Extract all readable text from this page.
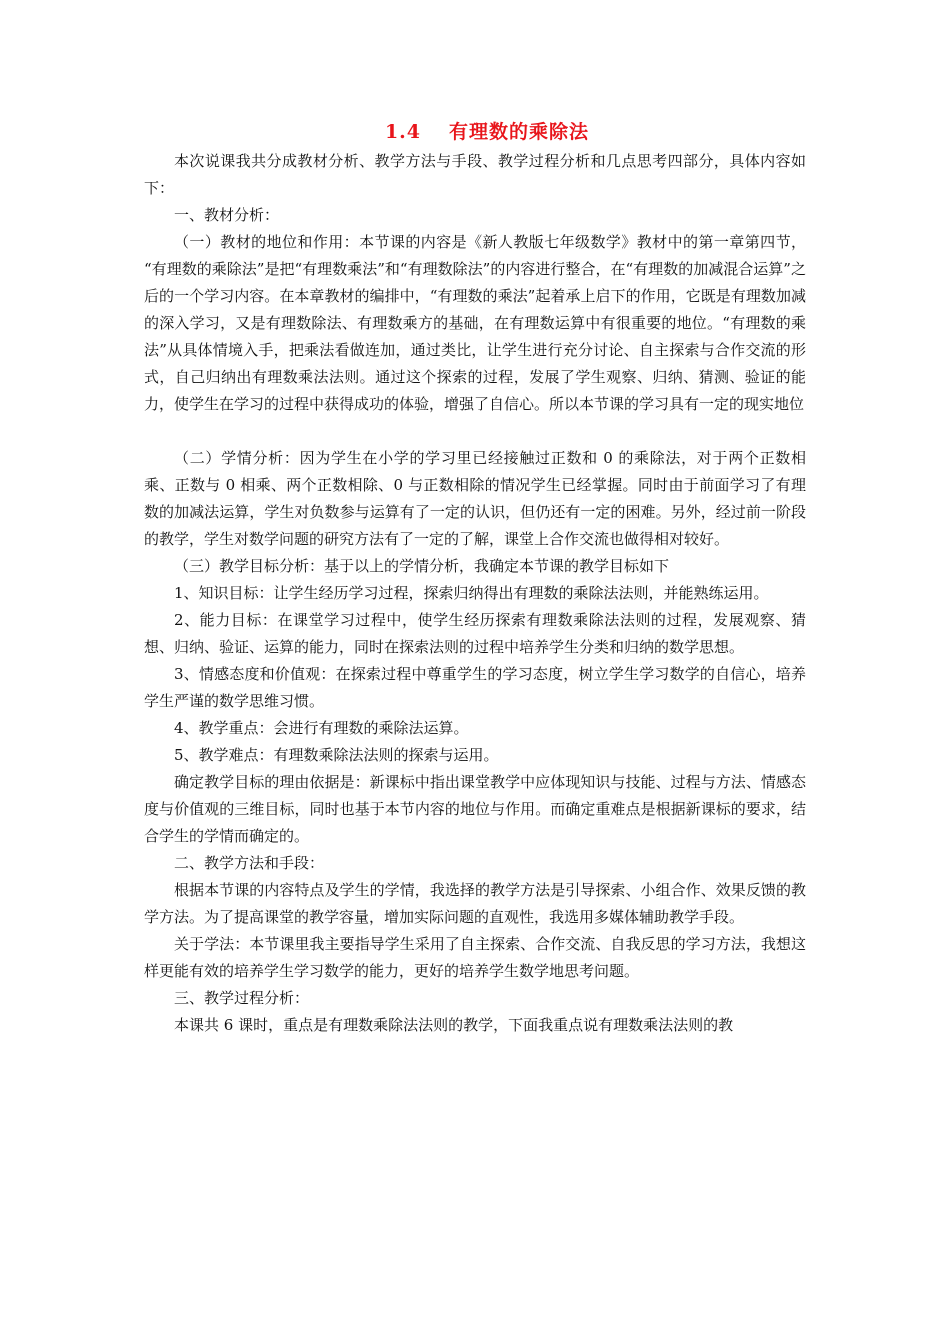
1.4 有理数的乘除法

本次说课我共分成教材分析、教学方法与手段、教学过程分析和几点思考四部分，具体内容如下：

一、教材分析：

（一）教材的地位和作用：本节课的内容是《新人教版七年级数学》教材中的第一章第四节， “有理数的乘除法”是把“有理数乘法”和“有理数除法”的内容进行整合，在“有理数的加减混合运算”之后的一个学习内容。在本章教材的编排中，“有理数的乘法”起着承上启下的作用，它既是有理数加减的深入学习，又是有理数除法、有理数乘方的基础，在有理数运算中有很重要的地位。“有理数的乘法”从具体情境入手，把乘法看做连加，通过类比，让学生进行充分讨论、自主探索与合作交流的形式，自己归纳出有理数乘法法则。通过这个探索的过程，发展了学生观察、归纳、猜测、验证的能力，使学生在学习的过程中获得成功的体验，增强了自信心。所以本节课的学习具有一定的现实地位

（二）学情分析：因为学生在小学的学习里已经接触过正数和 0 的乘除法，对于两个正数相乘、正数与 0 相乘、两个正数相除、0 与正数相除的情况学生已经掌握。同时由于前面学习了有理数的加减法运算，学生对负数参与运算有了一定的认识，但仍还有一定的困难。另外，经过前一阶段的教学，学生对数学问题的研究方法有了一定的了解，课堂上合作交流也做得相对较好。

（三）教学目标分析：基于以上的学情分析，我确定本节课的教学目标如下

1、知识目标：让学生经历学习过程，探索归纳得出有理数的乘除法法则，并能熟练运用。

2、能力目标：在课堂学习过程中，使学生经历探索有理数乘除法法则的过程，发展观察、猜想、归纳、验证、运算的能力，同时在探索法则的过程中培养学生分类和归纳的数学思想。

3、情感态度和价值观：在探索过程中尊重学生的学习态度，树立学生学习数学的自信心，培养学生严谨的数学思维习惯。

4、教学重点：会进行有理数的乘除法运算。

5、教学难点：有理数乘除法法则的探索与运用。

确定教学目标的理由依据是：新课标中指出课堂教学中应体现知识与技能、过程与方法、情感态度与价值观的三维目标，同时也基于本节内容的地位与作用。而确定重难点是根据新课标的要求，结合学生的学情而确定的。

二、教学方法和手段：

根据本节课的内容特点及学生的学情，我选择的教学方法是引导探索、小组合作、效果反馈的教学方法。为了提高课堂的教学容量，增加实际问题的直观性，我选用多媒体辅助教学手段。

关于学法：本节课里我主要指导学生采用了自主探索、合作交流、自我反思的学习方法，我想这样更能有效的培养学生学习数学的能力，更好的培养学生数学地思考问题。

三、教学过程分析：

本课共 6 课时，重点是有理数乘除法法则的教学，下面我重点说有理数乘法法则的教
